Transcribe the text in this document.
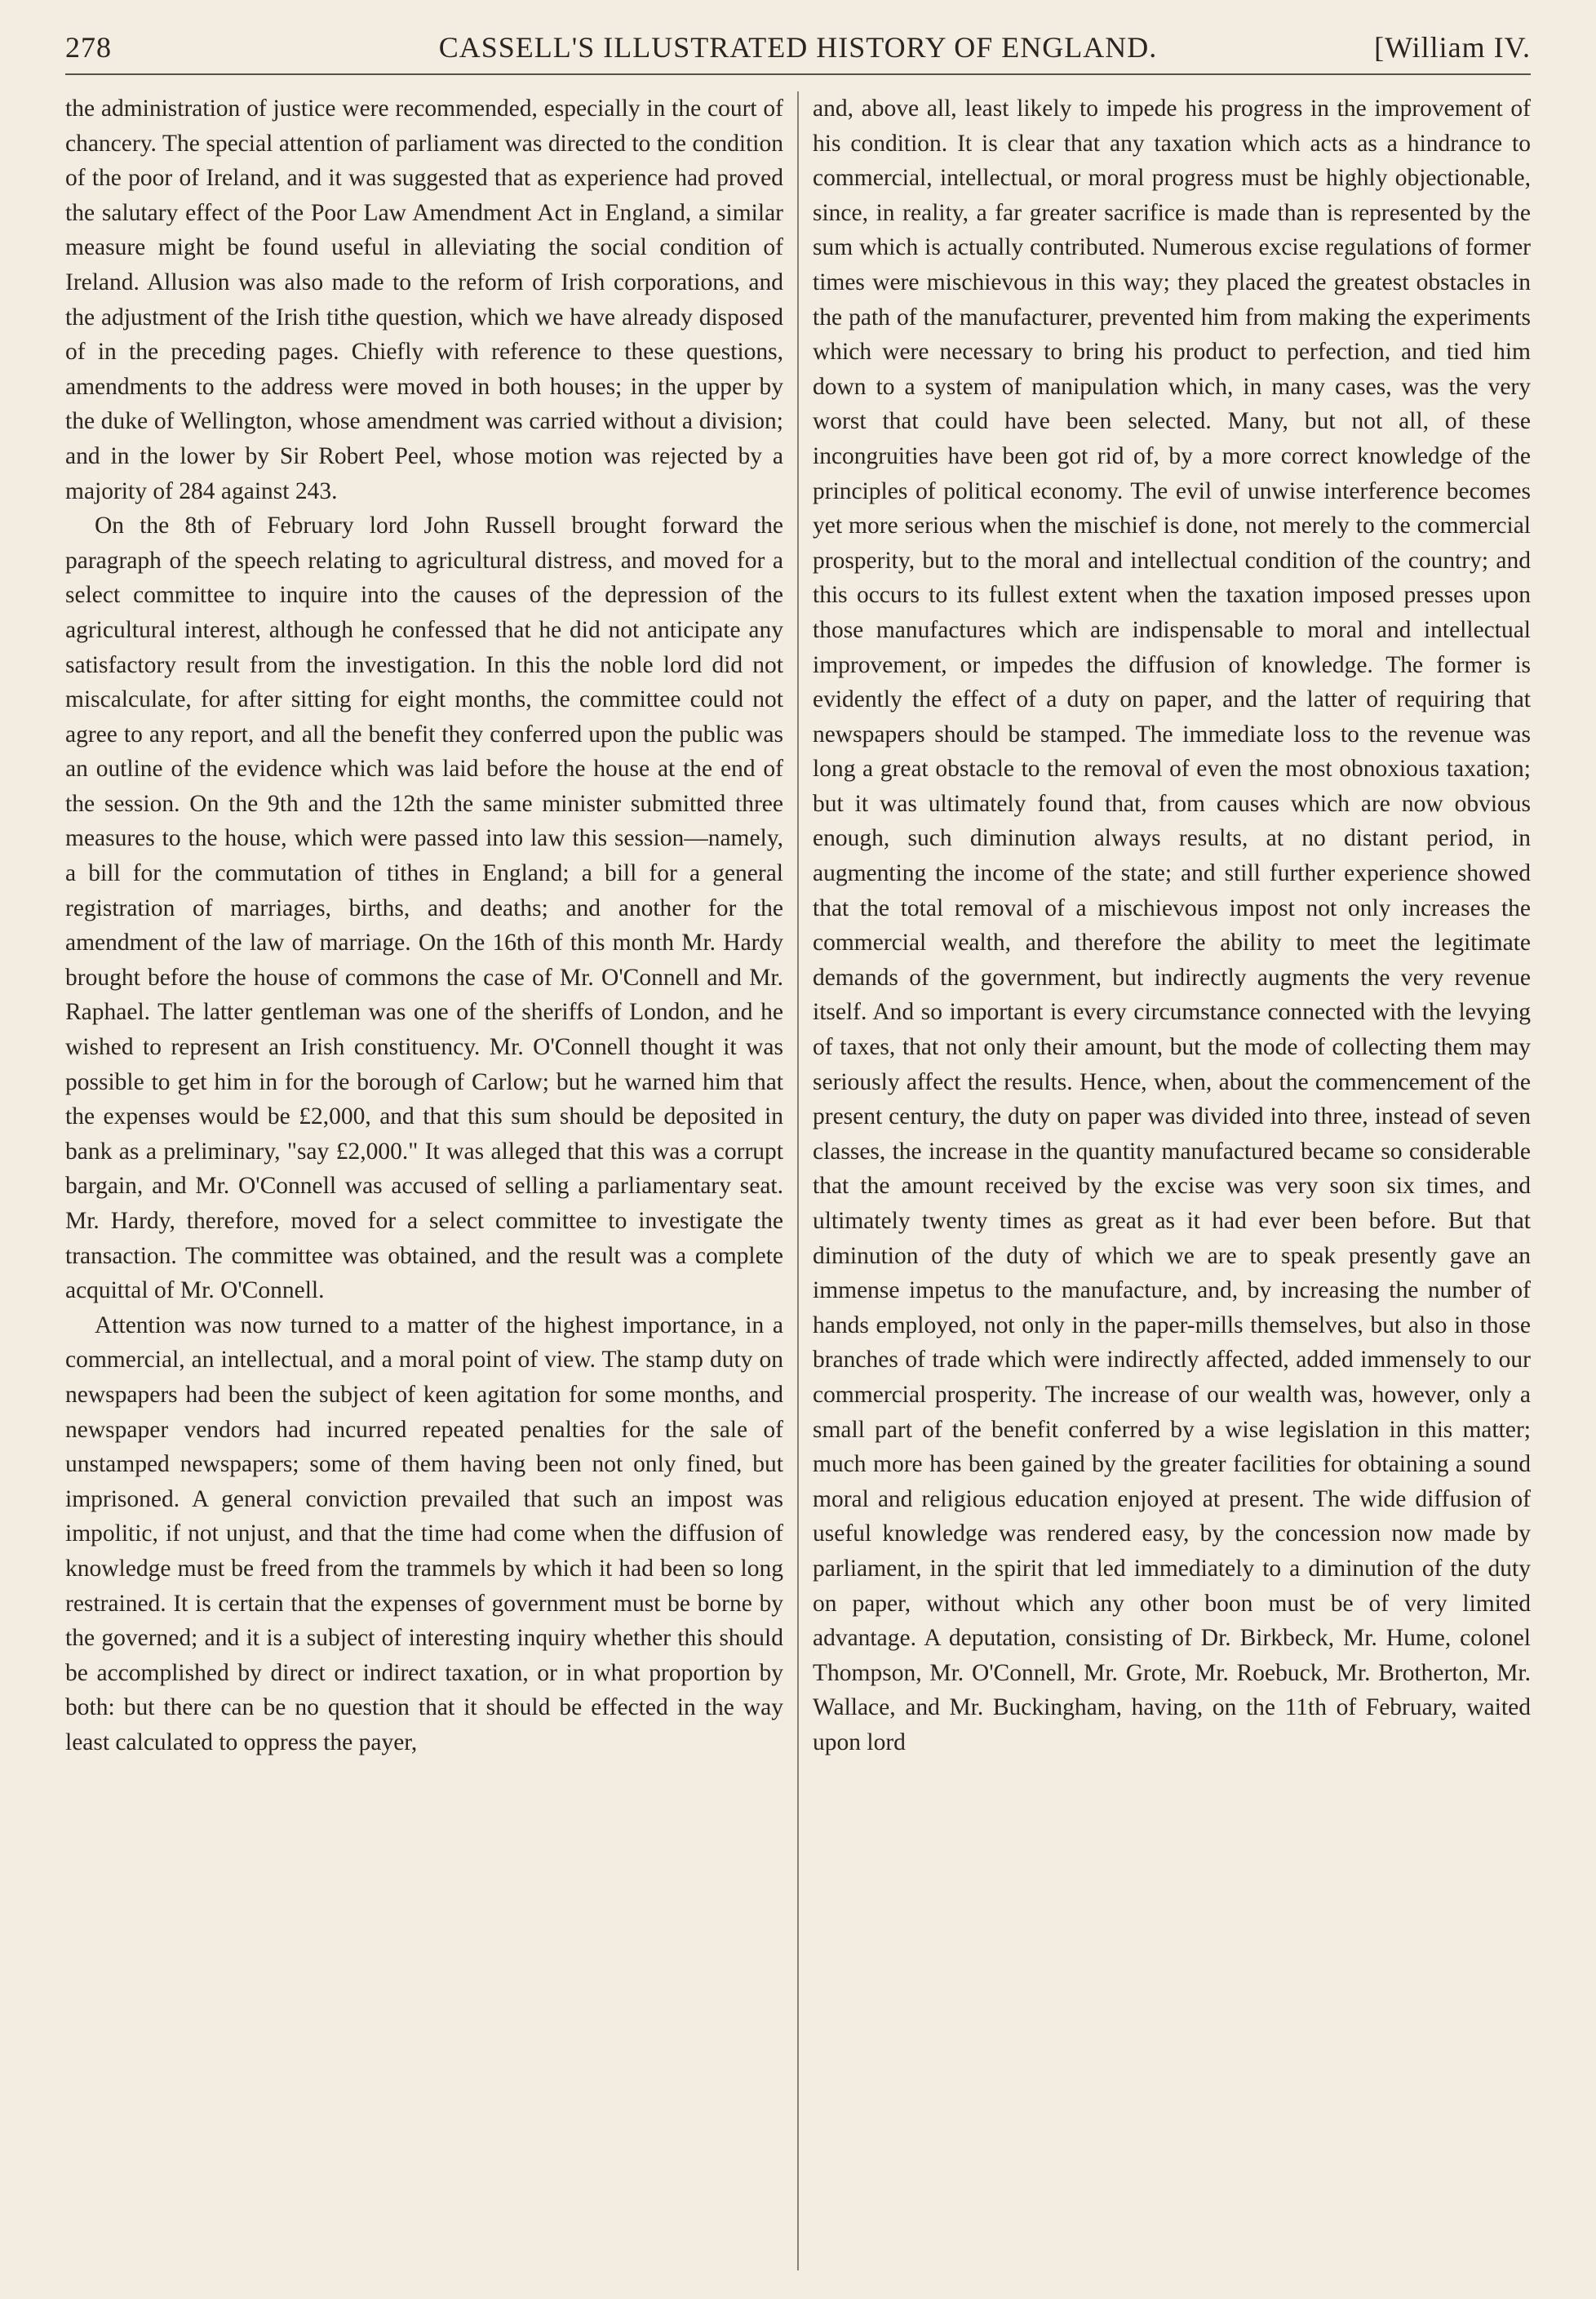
278	CASSELL'S ILLUSTRATED HISTORY OF ENGLAND.	[William IV.

the administration of justice were recommended, especially in the court of chancery. The special attention of parliament was directed to the condition of the poor of Ireland, and it was suggested that as experience had proved the salutary effect of the Poor Law Amendment Act in England, a similar measure might be found useful in alleviating the social condition of Ireland. Allusion was also made to the reform of Irish corporations, and the adjustment of the Irish tithe question, which we have already disposed of in the preceding pages. Chiefly with reference to these questions, amendments to the address were moved in both houses; in the upper by the duke of Wellington, whose amendment was carried without a division; and in the lower by Sir Robert Peel, whose motion was rejected by a majority of 284 against 243.

On the 8th of February lord John Russell brought forward the paragraph of the speech relating to agricultural distress, and moved for a select committee to inquire into the causes of the depression of the agricultural interest, although he confessed that he did not anticipate any satisfactory result from the investigation. In this the noble lord did not miscalculate, for after sitting for eight months, the committee could not agree to any report, and all the benefit they conferred upon the public was an outline of the evidence which was laid before the house at the end of the session. On the 9th and the 12th the same minister submitted three measures to the house, which were passed into law this session—namely, a bill for the commutation of tithes in England; a bill for a general registration of marriages, births, and deaths; and another for the amendment of the law of marriage. On the 16th of this month Mr. Hardy brought before the house of commons the case of Mr. O'Connell and Mr. Raphael. The latter gentleman was one of the sheriffs of London, and he wished to represent an Irish constituency. Mr. O'Connell thought it was possible to get him in for the borough of Carlow; but he warned him that the expenses would be £2,000, and that this sum should be deposited in bank as a preliminary, "say £2,000." It was alleged that this was a corrupt bargain, and Mr. O'Connell was accused of selling a parliamentary seat. Mr. Hardy, therefore, moved for a select committee to investigate the transaction. The committee was obtained, and the result was a complete acquittal of Mr. O'Connell.

Attention was now turned to a matter of the highest importance, in a commercial, an intellectual, and a moral point of view. The stamp duty on newspapers had been the subject of keen agitation for some months, and newspaper vendors had incurred repeated penalties for the sale of unstamped newspapers; some of them having been not only fined, but imprisoned. A general conviction prevailed that such an impost was impolitic, if not unjust, and that the time had come when the diffusion of knowledge must be freed from the trammels by which it had been so long restrained. It is certain that the expenses of government must be borne by the governed; and it is a subject of interesting inquiry whether this should be accomplished by direct or indirect taxation, or in what proportion by both: but there can be no question that it should be effected in the way least calculated to oppress the payer,

and, above all, least likely to impede his progress in the improvement of his condition. It is clear that any taxation which acts as a hindrance to commercial, intellectual, or moral progress must be highly objectionable, since, in reality, a far greater sacrifice is made than is represented by the sum which is actually contributed. Numerous excise regulations of former times were mischievous in this way; they placed the greatest obstacles in the path of the manufacturer, prevented him from making the experiments which were necessary to bring his product to perfection, and tied him down to a system of manipulation which, in many cases, was the very worst that could have been selected. Many, but not all, of these incongruities have been got rid of, by a more correct knowledge of the principles of political economy. The evil of unwise interference becomes yet more serious when the mischief is done, not merely to the commercial prosperity, but to the moral and intellectual condition of the country; and this occurs to its fullest extent when the taxation imposed presses upon those manufactures which are indispensable to moral and intellectual improvement, or impedes the diffusion of knowledge. The former is evidently the effect of a duty on paper, and the latter of requiring that newspapers should be stamped. The immediate loss to the revenue was long a great obstacle to the removal of even the most obnoxious taxation; but it was ultimately found that, from causes which are now obvious enough, such diminution always results, at no distant period, in augmenting the income of the state; and still further experience showed that the total removal of a mischievous impost not only increases the commercial wealth, and therefore the ability to meet the legitimate demands of the government, but indirectly augments the very revenue itself. And so important is every circumstance connected with the levying of taxes, that not only their amount, but the mode of collecting them may seriously affect the results. Hence, when, about the commencement of the present century, the duty on paper was divided into three, instead of seven classes, the increase in the quantity manufactured became so considerable that the amount received by the excise was very soon six times, and ultimately twenty times as great as it had ever been before. But that diminution of the duty of which we are to speak presently gave an immense impetus to the manufacture, and, by increasing the number of hands employed, not only in the paper-mills themselves, but also in those branches of trade which were indirectly affected, added immensely to our commercial prosperity. The increase of our wealth was, however, only a small part of the benefit conferred by a wise legislation in this matter; much more has been gained by the greater facilities for obtaining a sound moral and religious education enjoyed at present. The wide diffusion of useful knowledge was rendered easy, by the concession now made by parliament, in the spirit that led immediately to a diminution of the duty on paper, without which any other boon must be of very limited advantage. A deputation, consisting of Dr. Birkbeck, Mr. Hume, colonel Thompson, Mr. O'Connell, Mr. Grote, Mr. Roebuck, Mr. Brotherton, Mr. Wallace, and Mr. Buckingham, having, on the 11th of February, waited upon lord
